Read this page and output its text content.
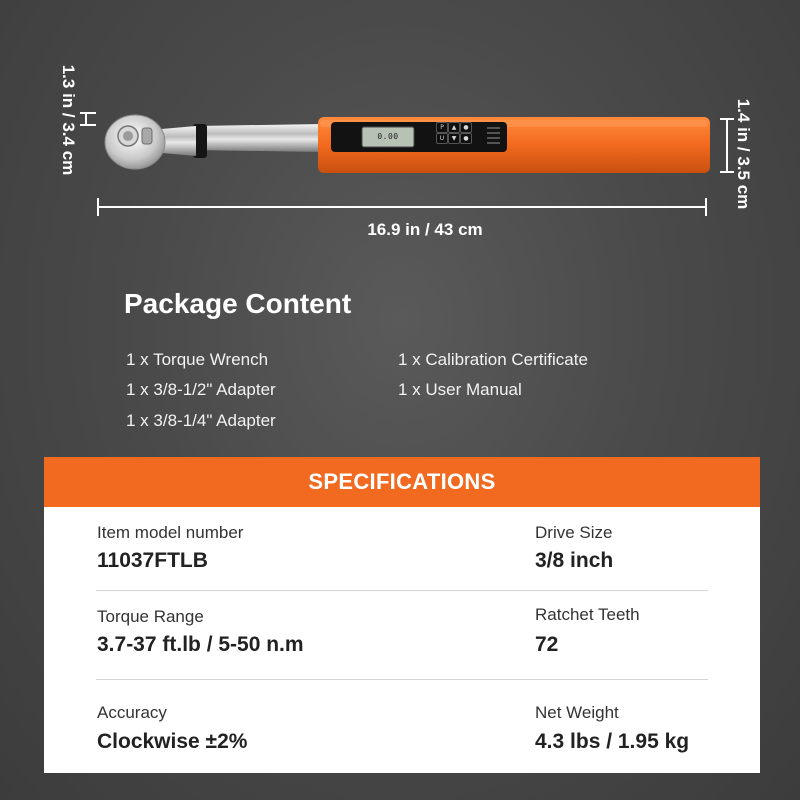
0.00
P	▲
U	▼
●
●
16.9 in / 43 cm
1.4 in / 3.5 cm
1.3 in / 3.4 cm
Package Content
1 x Torque Wrench
1 x 3/8-1/2" Adapter
1 x 3/8-1/4" Adapter
1 x Calibration Certificate
1 x User Manual
SPECIFICATIONS
Item model number
11037FTLB
Drive Size
3/8 inch
Torque Range
3.7-37 ft.lb / 5-50 n.m
Ratchet Teeth
72
Accuracy
Clockwise ±2%
Net Weight
4.3 lbs / 1.95 kg
